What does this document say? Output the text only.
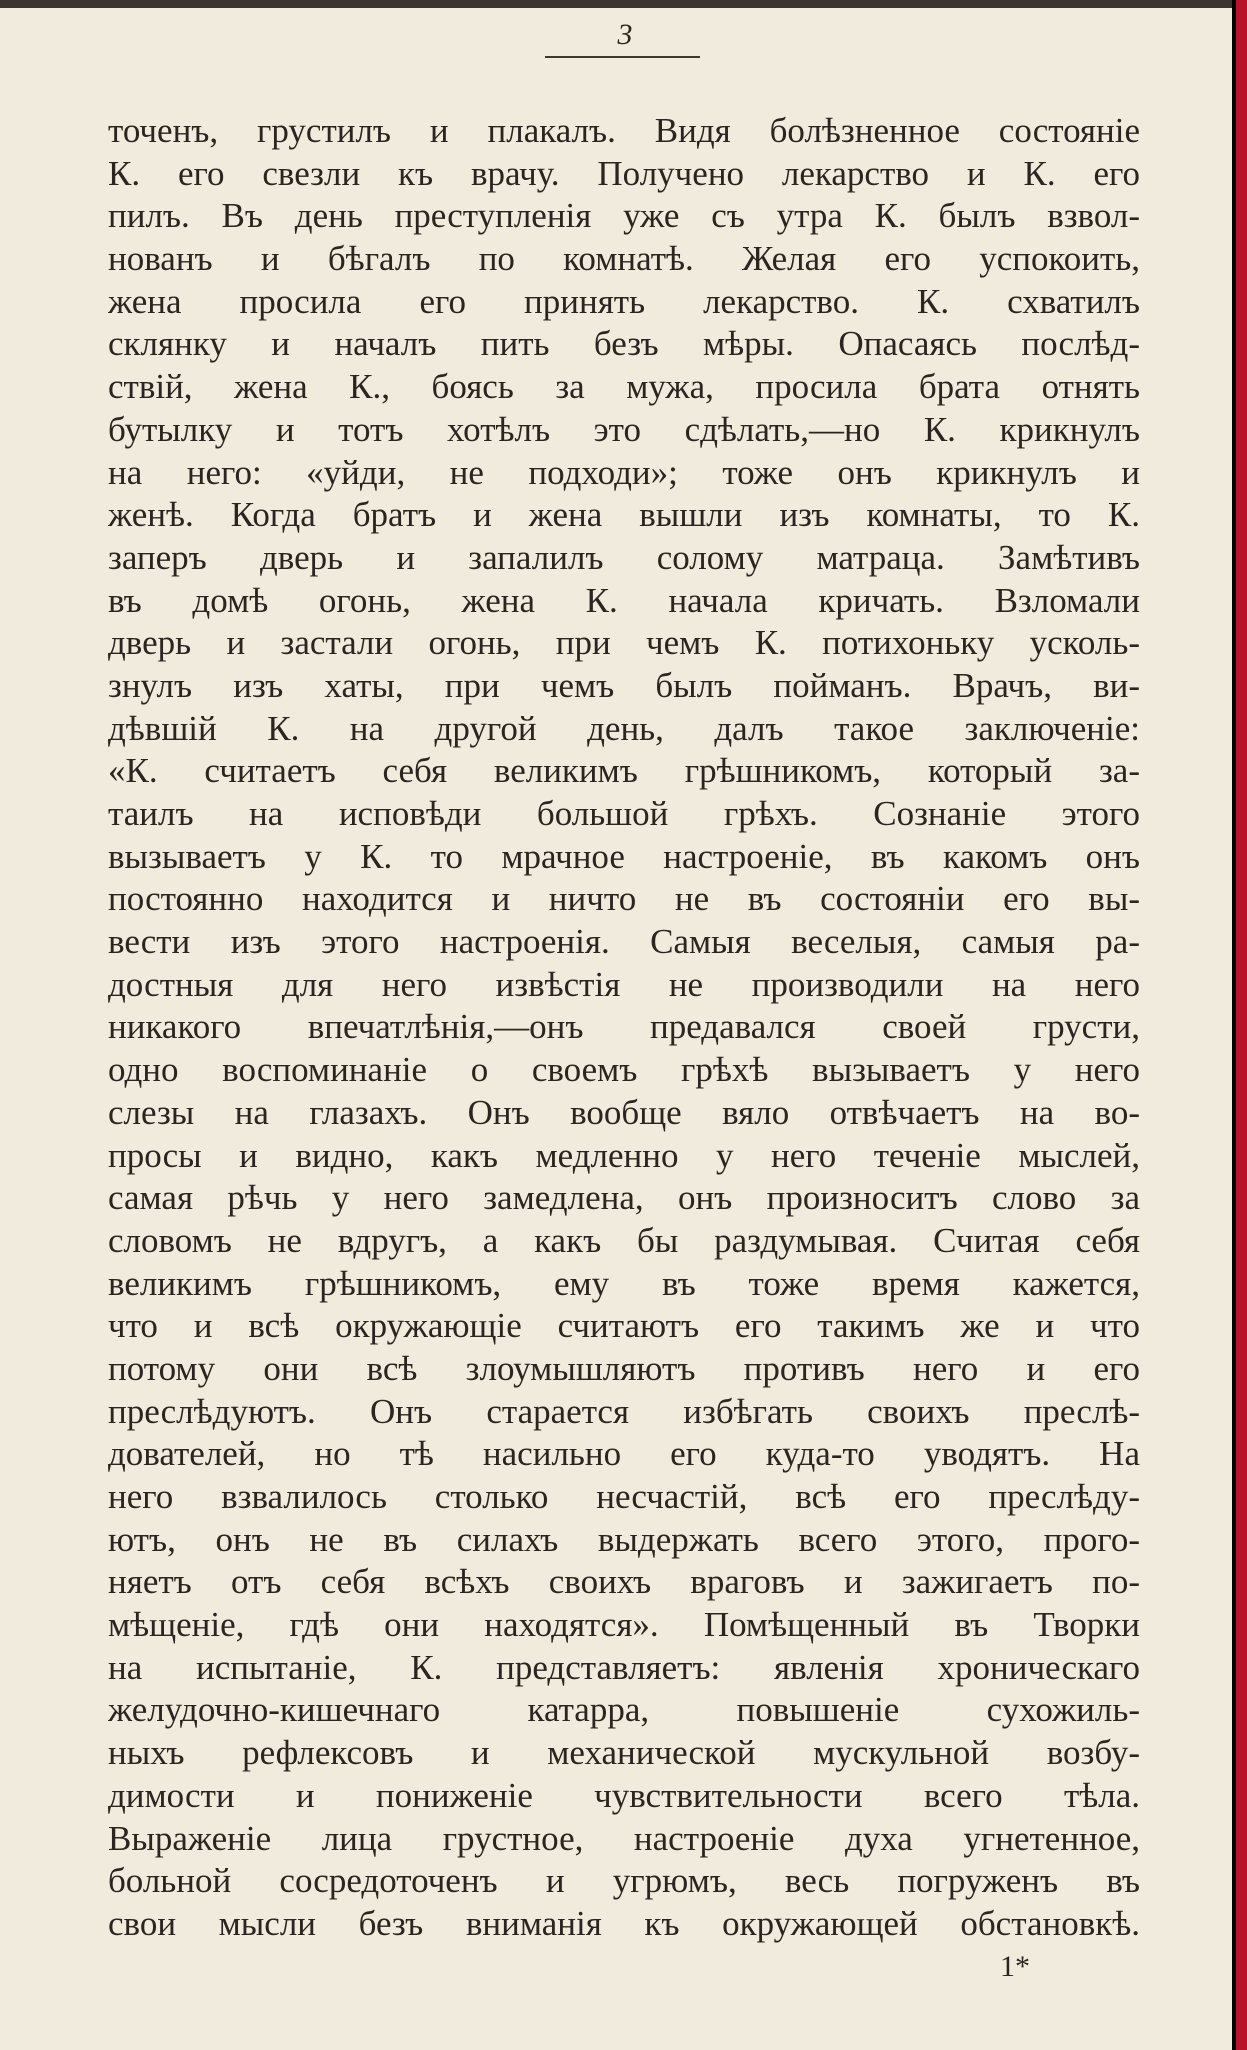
3
точенъ, грустилъ и плакалъ. Видя болѣзненное состояніе
К. его свезли къ врачу. Получено лекарство и К. его
пилъ. Въ день преступленія уже съ утра К. былъ взвол-
нованъ и бѣгалъ по комнатѣ. Желая его успокоить,
жена просила его принять лекарство. К. схватилъ
склянку и началъ пить безъ мѣры. Опасаясь послѣд-
ствій, жена К., боясь за мужа, просила брата отнять
бутылку и тотъ хотѣлъ это сдѣлать,—но К. крикнулъ
на него: «уйди, не подходи»; тоже онъ крикнулъ и
женѣ. Когда братъ и жена вышли изъ комнаты, то К.
заперъ дверь и запалилъ солому матраца. Замѣтивъ
въ домѣ огонь, жена К. начала кричать. Взломали
дверь и застали огонь, при чемъ К. потихоньку усколь-
знулъ изъ хаты, при чемъ былъ пойманъ. Врачъ, ви-
дѣвшій К. на другой день, далъ такое заключеніе:
«К. считаетъ себя великимъ грѣшникомъ, который за-
таилъ на исповѣди большой грѣхъ. Сознаніе этого
вызываетъ у К. то мрачное настроеніе, въ какомъ онъ
постоянно находится и ничто не въ состояніи его вы-
вести изъ этого настроенія. Самыя веселыя, самыя ра-
достныя для него извѣстія не производили на него
никакого впечатлѣнія,—онъ предавался своей грусти,
одно воспоминаніе о своемъ грѣхѣ вызываетъ у него
слезы на глазахъ. Онъ вообще вяло отвѣчаетъ на во-
просы и видно, какъ медленно у него теченіе мыслей,
самая рѣчь у него замедлена, онъ произноситъ слово за
словомъ не вдругъ, а какъ бы раздумывая. Считая себя
великимъ грѣшникомъ, ему въ тоже время кажется,
что и всѣ окружающіе считаютъ его такимъ же и что
потому они всѣ злоумышляютъ противъ него и его
преслѣдуютъ. Онъ старается избѣгать своихъ преслѣ-
дователей, но тѣ насильно его куда-то уводятъ. На
него взвалилось столько несчастій, всѣ его преслѣду-
ютъ, онъ не въ силахъ выдержать всего этого, прого-
няетъ отъ себя всѣхъ своихъ враговъ и зажигаетъ по-
мѣщеніе, гдѣ они находятся». Помѣщенный въ Творки
на испытаніе, К. представляетъ: явленія хроническаго
желудочно-кишечнаго катарра, повышеніе сухожиль-
ныхъ рефлексовъ и механической мускульной возбу-
димости и пониженіе чувствительности всего тѣла.
Выраженіе лица грустное, настроеніе духа угнетенное,
больной сосредоточенъ и угрюмъ, весь погруженъ въ
свои мысли безъ вниманія къ окружающей обстановкѣ.
1*
